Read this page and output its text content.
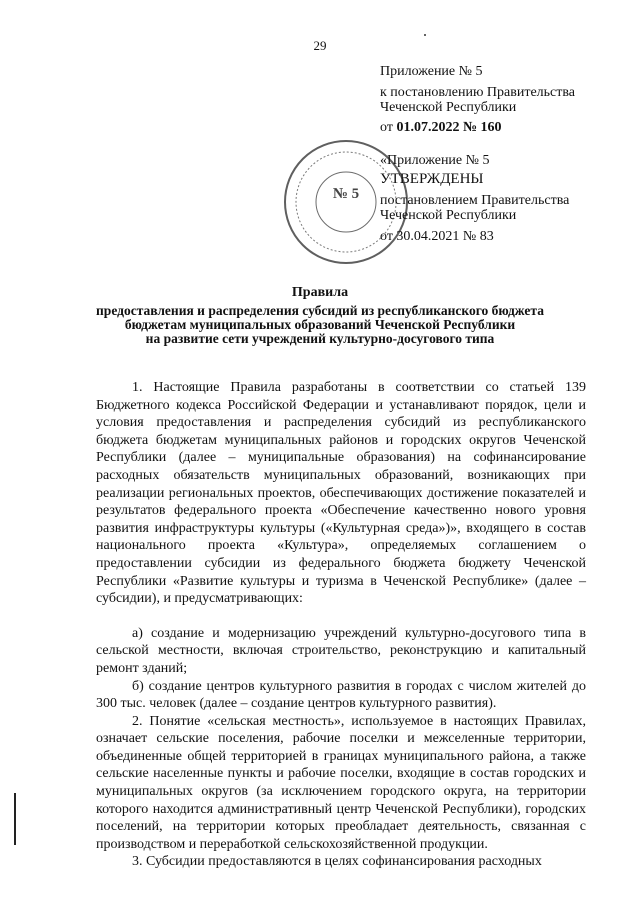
29
Приложение № 5
к постановлению Правительства
Чеченской Республики
от 01.07.2022 № 160
№ 5
«Приложение № 5
УТВЕРЖДЕНЫ
постановлением Правительства
Чеченской Республики
от 30.04.2021 № 83
Правила
предоставления и распределения субсидий из республиканского бюджета
бюджетам муниципальных образований Чеченской Республики
на развитие сети учреждений культурно-досугового типа

1. Настоящие Правила разработаны в соответствии со статьей 139 Бюджетного кодекса Российской Федерации и устанавливают порядок, цели и условия предоставления и распределения субсидий из республиканского бюджета бюджетам муниципальных районов и городских округов Чеченской Республики (далее – муниципальные образования) на софинансирование расходных обязательств муниципальных образований, возникающих при реализации региональных проектов, обеспечивающих достижение показателей и результатов федерального проекта «Обеспечение качественно нового уровня развития инфраструктуры культуры («Культурная среда»)», входящего в состав национального проекта «Культура», определяемых соглашением о предоставлении субсидии из федерального бюджета бюджету Чеченской Республики «Развитие культуры и туризма в Чеченской Республике» (далее – субсидии), и предусматривающих:

а) создание и модернизацию учреждений культурно-досугового типа в сельской местности, включая строительство, реконструкцию и капитальный ремонт зданий;

б) создание центров культурного развития в городах с числом жителей до 300 тыс. человек (далее – создание центров культурного развития).

2. Понятие «сельская местность», используемое в настоящих Правилах, означает сельские поселения, рабочие поселки и межселенные территории, объединенные общей территорией в границах муниципального района, а также сельские населенные пункты и рабочие поселки, входящие в состав городских и муниципальных округов (за исключением городского округа, на территории которого находится административный центр Чеченской Республики), городских поселений, на территории которых преобладает деятельность, связанная с производством и переработкой сельскохозяйственной продукции.

3. Субсидии предоставляются в целях софинансирования расходных
